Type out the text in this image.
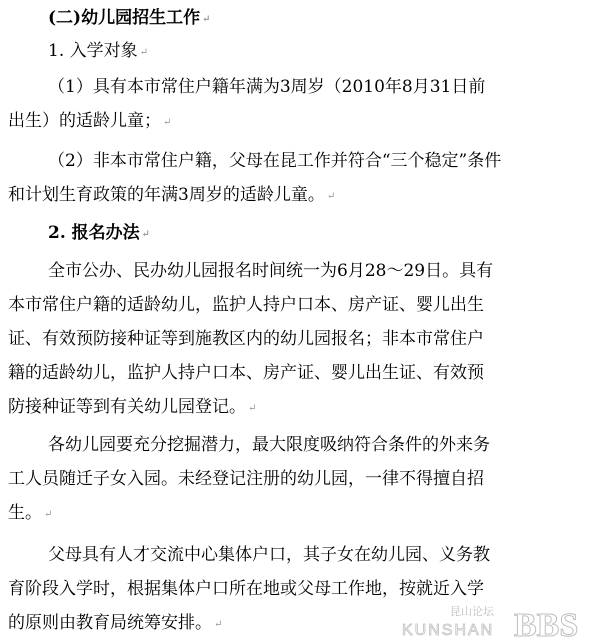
(二)幼儿园招生工作 ↵
1. 入学对象 ↵
（1）具有本市常住户籍年满为3周岁（2010年8月31日前
出生）的适龄儿童； ↵
（2）非本市常住户籍，父母在昆工作并符合“三个稳定”条件
和计划生育政策的年满3周岁的适龄儿童。 ↵
2. 报名办法 ↵
全市公办、民办幼儿园报名时间统一为6月28～29日。具有
本市常住户籍的适龄幼儿，监护人持户口本、房产证、婴儿出生
证、有效预防接种证等到施教区内的幼儿园报名；非本市常住户
籍的适龄幼儿，监护人持户口本、房产证、婴儿出生证、有效预
防接种证等到有关幼儿园登记。 ↵
各幼儿园要充分挖掘潜力，最大限度吸纳符合条件的外来务
工人员随迁子女入园。未经登记注册的幼儿园，一律不得擅自招
生。 ↵
父母具有人才交流中心集体户口，其子女在幼儿园、义务教
育阶段入学时，根据集体户口所在地或父母工作地，按就近入学
的原则由教育局统筹安排。 ↵
昆山论坛
KUNSHAN BBS
